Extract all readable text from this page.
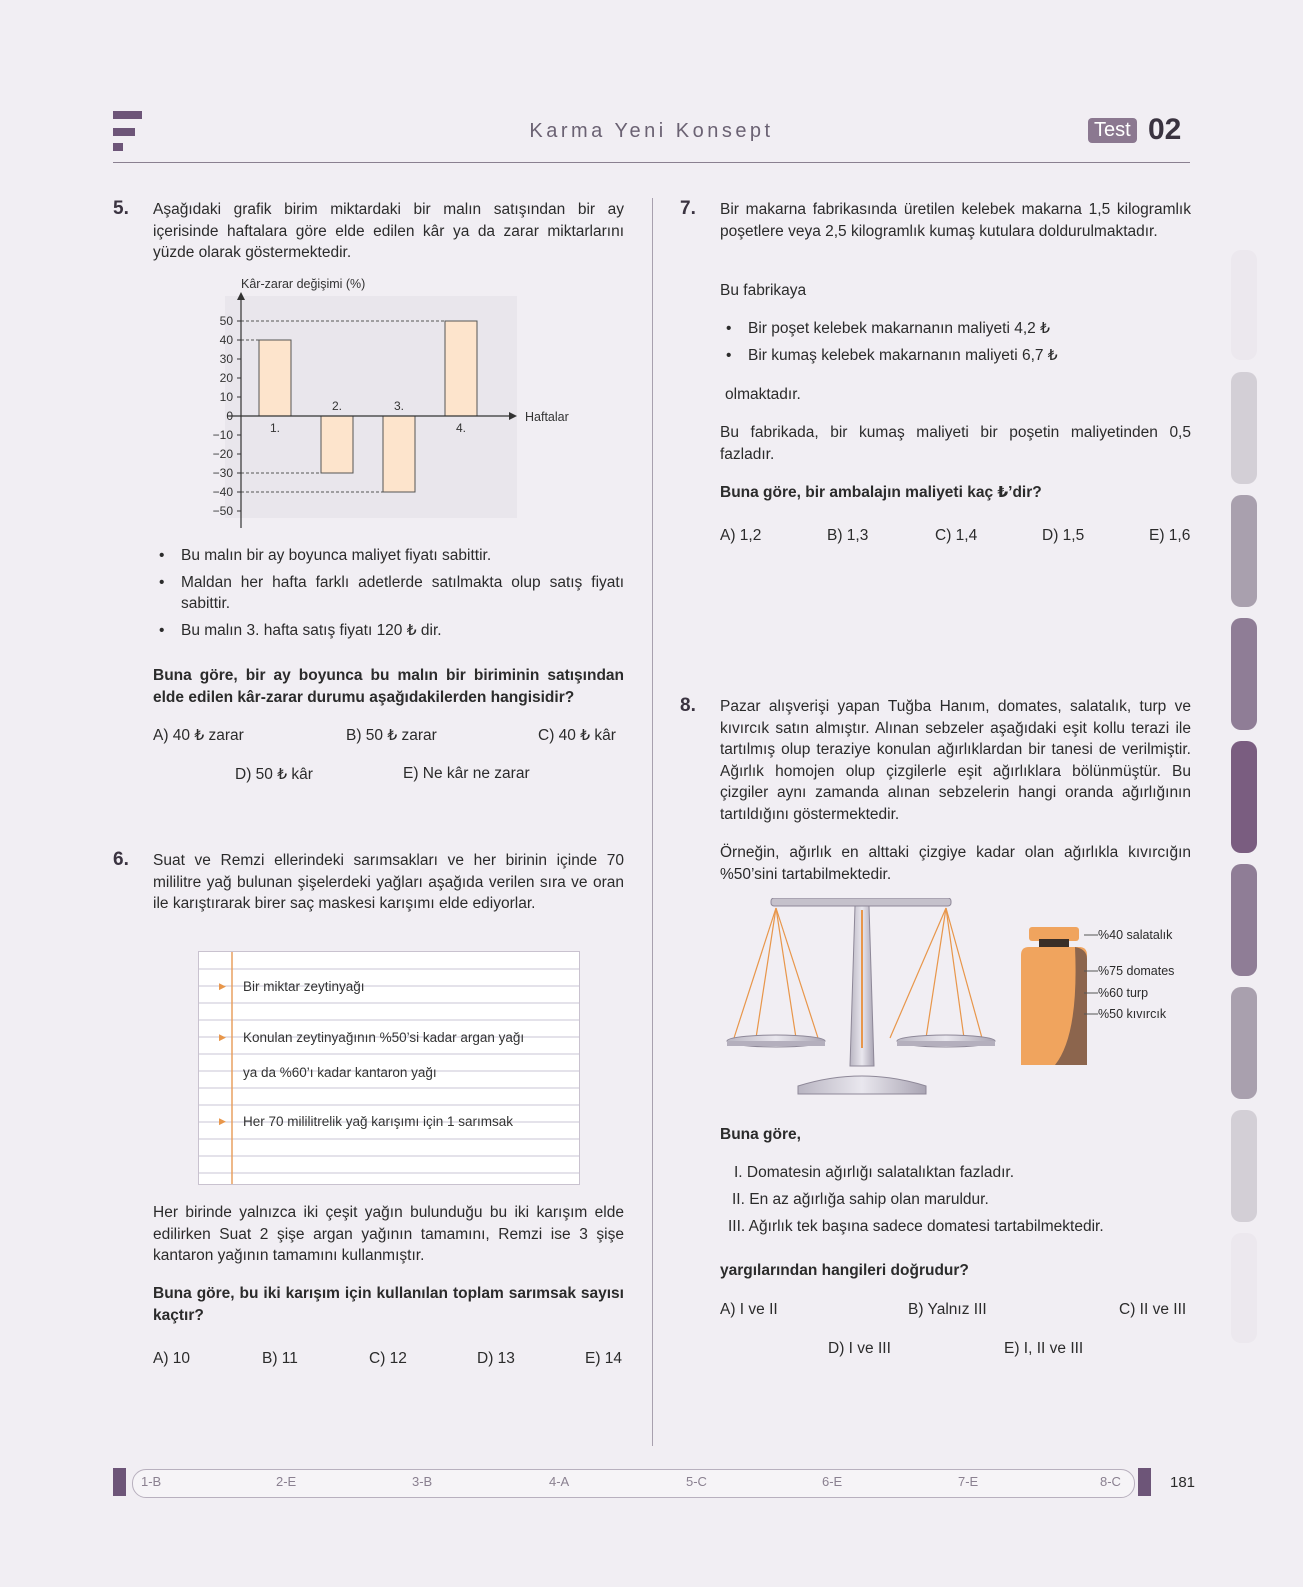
Karma Yeni Konsept	Test 02
5. Aşağıdaki grafik birim miktardaki bir malın satışından bir ay içerisinde haftalara göre elde edilen kâr ya da zarar miktarlarını yüzde olarak göstermektedir.
Kâr-zarar değişimi (%)
50
40
30
20
10
0
−10
−20
−30
−40
−50
1.
2.	3.
4.
Haftalar
• Bu malın bir ay boyunca maliyet fiyatı sabittir.
• Maldan her hafta farklı adetlerde satılmakta olup satış fiyatı sabittir.
• Bu malın 3. hafta satış fiyatı 120 ₺ dir.
Buna göre, bir ay boyunca bu malın bir biriminin satışından elde edilen kâr-zarar durumu aşağıdakilerden hangisidir?
A) 40 ₺ zarar	B) 50 ₺ zarar	C) 40 ₺ kâr
D) 50 ₺ kâr	E) Ne kâr ne zarar
6. Suat ve Remzi ellerindeki sarımsakları ve her birinin içinde 70 mililitre yağ bulunan şişelerdeki yağları aşağıda verilen sıra ve oran ile karıştırarak birer saç maskesi karışımı elde ediyorlar.
▶ Bir miktar zeytinyağı
▶ Konulan zeytinyağının %50’si kadar argan yağı
ya da %60’ı kadar kantaron yağı
▶ Her 70 mililitrelik yağ karışımı için 1 sarımsak
Her birinde yalnızca iki çeşit yağın bulunduğu bu iki karışım elde edilirken Suat 2 şişe argan yağının tamamını, Remzi ise 3 şişe kantaron yağının tamamını kullanmıştır.
Buna göre, bu iki karışım için kullanılan toplam sarımsak sayısı kaçtır?
A) 10	B) 11	C) 12	D) 13	E) 14
7. Bir makarna fabrikasında üretilen kelebek makarna 1,5 kilogramlık poşetlere veya 2,5 kilogramlık kumaş kutulara doldurulmaktadır.
Bu fabrikaya
• Bir poşet kelebek makarnanın maliyeti 4,2 ₺
• Bir kumaş kelebek makarnanın maliyeti 6,7 ₺
olmaktadır.
Bu fabrikada, bir kumaş maliyeti bir poşetin maliyetinden 0,5 fazladır.
Buna göre, bir ambalajın maliyeti kaç ₺’dir?
A) 1,2	B) 1,3	C) 1,4	D) 1,5	E) 1,6
8. Pazar alışverişi yapan Tuğba Hanım, domates, salatalık, turp ve kıvırcık satın almıştır. Alınan sebzeler aşağıdaki eşit kollu terazi ile tartılmış olup teraziye konulan ağırlıklardan bir tanesi de verilmiştir. Ağırlık homojen olup çizgilerle eşit ağırlıklara bölünmüştür. Bu çizgiler aynı zamanda alınan sebzelerin hangi oranda ağırlığının tartıldığını göstermektedir.
Örneğin, ağırlık en alttaki çizgiye kadar olan ağırlıkla kıvırcığın %50’sini tartabilmektedir.
%40 salatalık
%75 domates
%60 turp
%50 kıvırcık
Buna göre,
I. Domatesin ağırlığı salatalıktan fazladır.
II. En az ağırlığa sahip olan maruldur.
III. Ağırlık tek başına sadece domatesi tartabilmektedir.
yargılarından hangileri doğrudur?
A) I ve II	B) Yalnız III	C) II ve III
D) I ve III	E) I, II ve III
1-B	2-E	3-B	4-A	5-C	6-E	7-E	8-C	181
